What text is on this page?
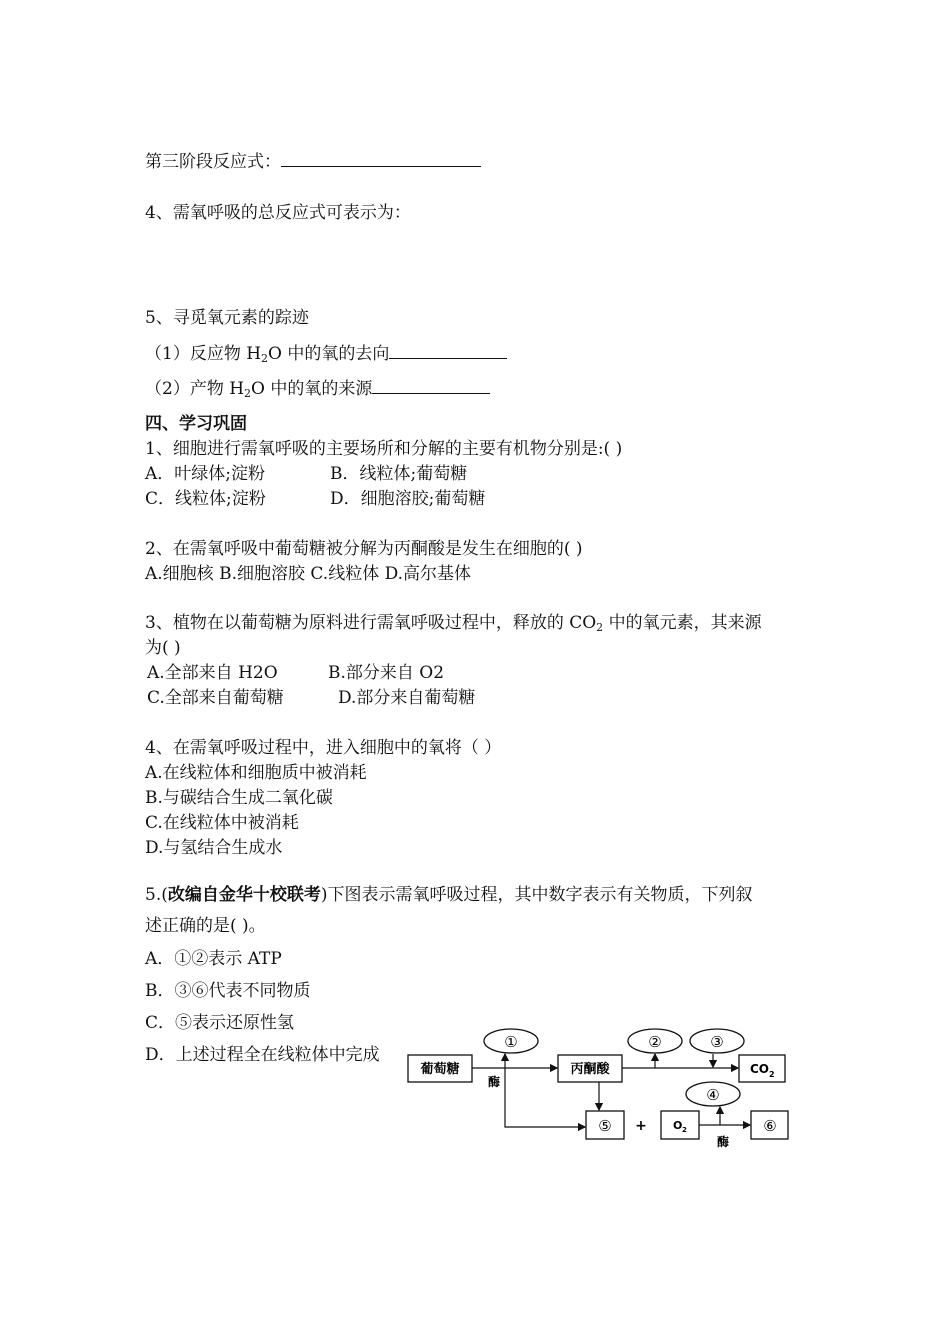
第三阶段反应式：
4、需氧呼吸的总反应式可表示为：
5、寻觅氧元素的踪迹
（1）反应物 $H_2O$ 中的氧的去向
（2）产物 $H_2O$ 中的氧的来源
四、学习巩固
1、细胞进行需氧呼吸的主要场所和分解的主要有机物分别是:( )
A．叶绿体;淀粉	B．线粒体;葡萄糖
C．线粒体;淀粉	D．细胞溶胶;葡萄糖
2、在需氧呼吸中葡萄糖被分解为丙酮酸是发生在细胞的( )
A.细胞核 B.细胞溶胶 C.线粒体 D.高尔基体
3、植物在以葡萄糖为原料进行需氧呼吸过程中，释放的 $CO_2$ 中的氧元素，其来源
为( )
A.全部来自 H2O	B.部分来自 O2
C.全部来自葡萄糖	D.部分来自葡萄糖
4、在需氧呼吸过程中，进入细胞中的氧将（ ）
A.在线粒体和细胞质中被消耗
B.与碳结合生成二氧化碳
C.在线粒体中被消耗
D.与氢结合生成水
5.(改编自金华十校联考)下图表示需氧呼吸过程，其中数字表示有关物质，下列叙
述正确的是( )。
A．①②表示 ATP
B．③⑥代表不同物质
C．⑤表示还原性氢
D．上述过程全在线粒体中完成
葡萄糖	丙酮酸	CO 2
⑤ + O 2	⑥
①	②	③
④
酶
酶
